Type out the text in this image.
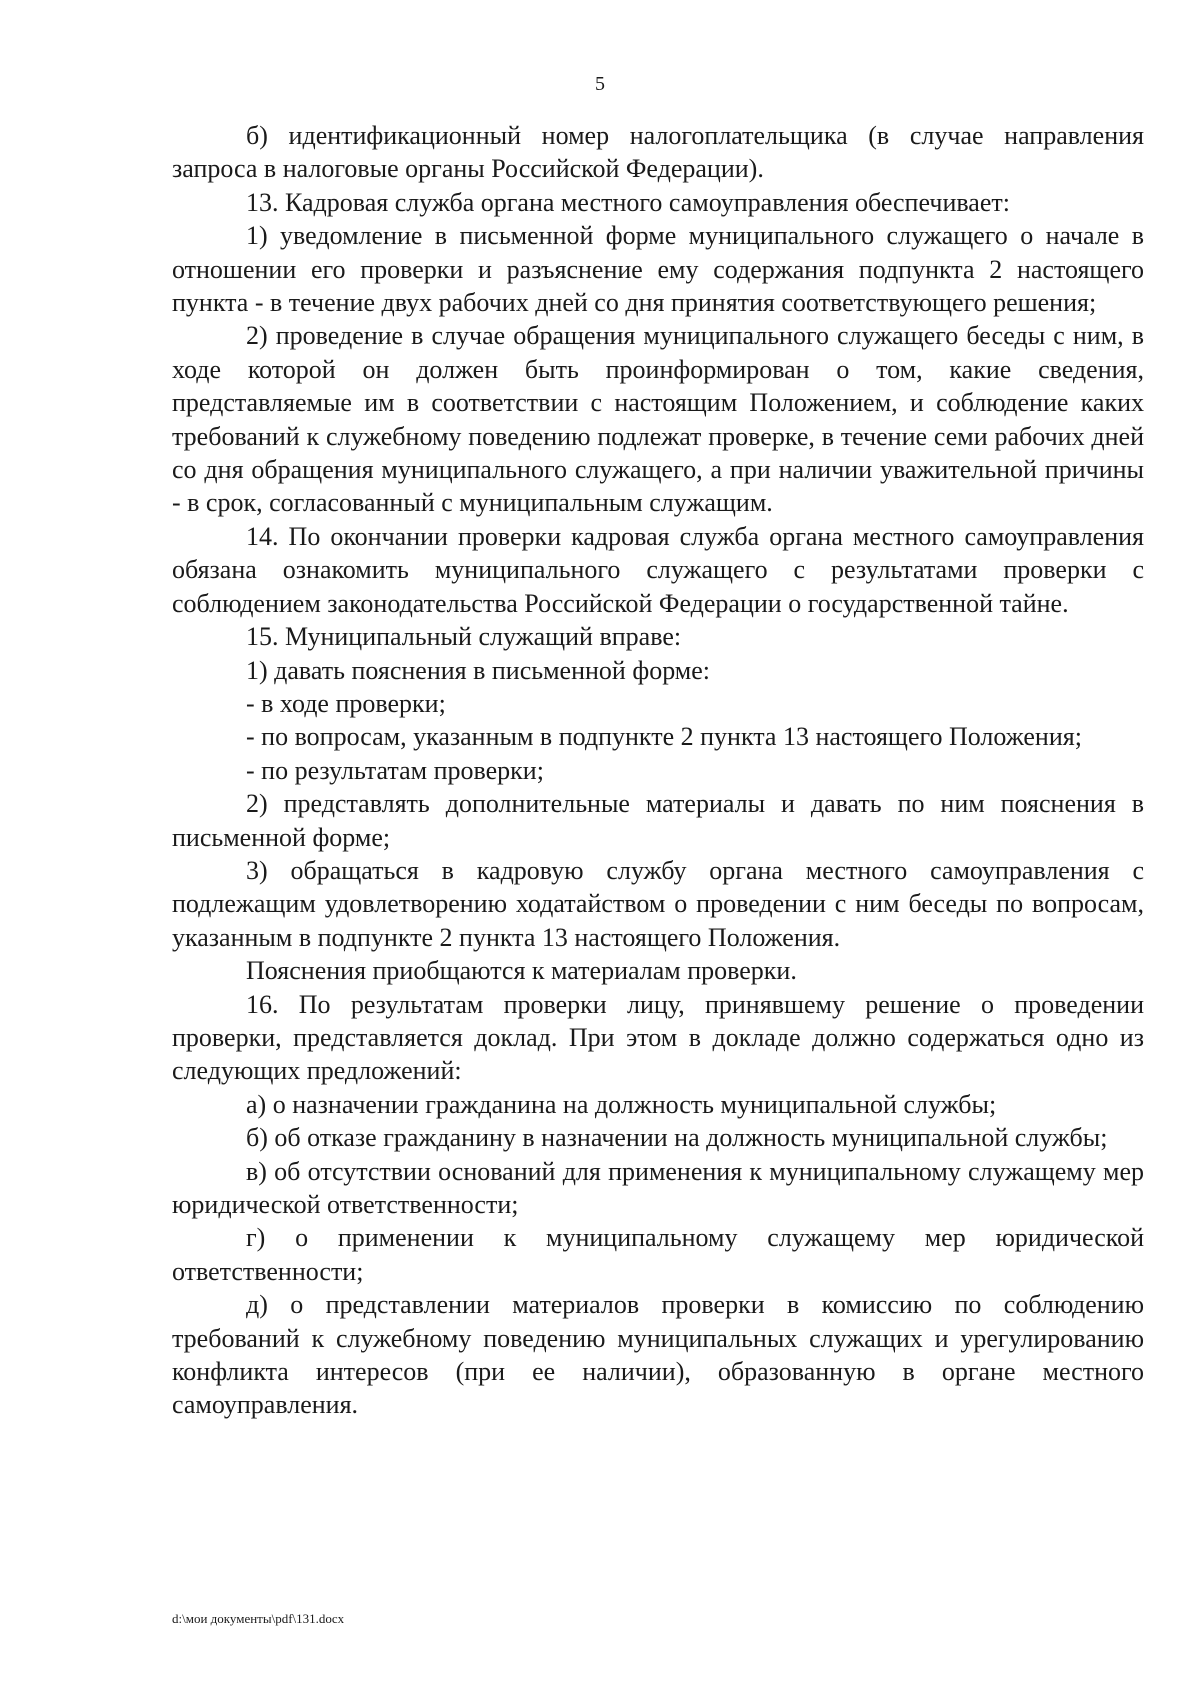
5

б) идентификационный номер налогоплательщика (в случае направления запроса в налоговые органы Российской Федерации).

13. Кадровая служба органа местного самоуправления обеспечивает:

1) уведомление в письменной форме муниципального служащего о начале в отношении его проверки и разъяснение ему содержания подпункта 2 настоящего пункта - в течение двух рабочих дней со дня принятия соответствующего решения;

2) проведение в случае обращения муниципального служащего беседы с ним, в ходе которой он должен быть проинформирован о том, какие сведения, представляемые им в соответствии с настоящим Положением, и соблюдение каких требований к служебному поведению подлежат проверке, в течение семи рабочих дней со дня обращения муниципального служащего, а при наличии уважительной причины - в срок, согласованный с муниципальным служащим.

14. По окончании проверки кадровая служба органа местного самоуправления обязана ознакомить муниципального служащего с результатами проверки с соблюдением законодательства Российской Федерации о государственной тайне.

15. Муниципальный служащий вправе:

1) давать пояснения в письменной форме:

- в ходе проверки;

- по вопросам, указанным в подпункте 2 пункта 13 настоящего Положения;

- по результатам проверки;

2) представлять дополнительные материалы и давать по ним пояснения в письменной форме;

3) обращаться в кадровую службу органа местного самоуправления с подлежащим удовлетворению ходатайством о проведении с ним беседы по вопросам, указанным в подпункте 2 пункта 13 настоящего Положения.

Пояснения приобщаются к материалам проверки.

16. По результатам проверки лицу, принявшему решение о проведении проверки, представляется доклад. При этом в докладе должно содержаться одно из следующих предложений:

а) о назначении гражданина на должность муниципальной службы;

б) об отказе гражданину в назначении на должность муниципальной службы;

в) об отсутствии оснований для применения к муниципальному служащему мер юридической ответственности;

г) о применении к муниципальному служащему мер юридической ответственности;

д) о представлении материалов проверки в комиссию по соблюдению требований к служебному поведению муниципальных служащих и урегулированию конфликта интересов (при ее наличии), образованную в органе местного самоуправления.

d:\мои документы\pdf\131.docx
